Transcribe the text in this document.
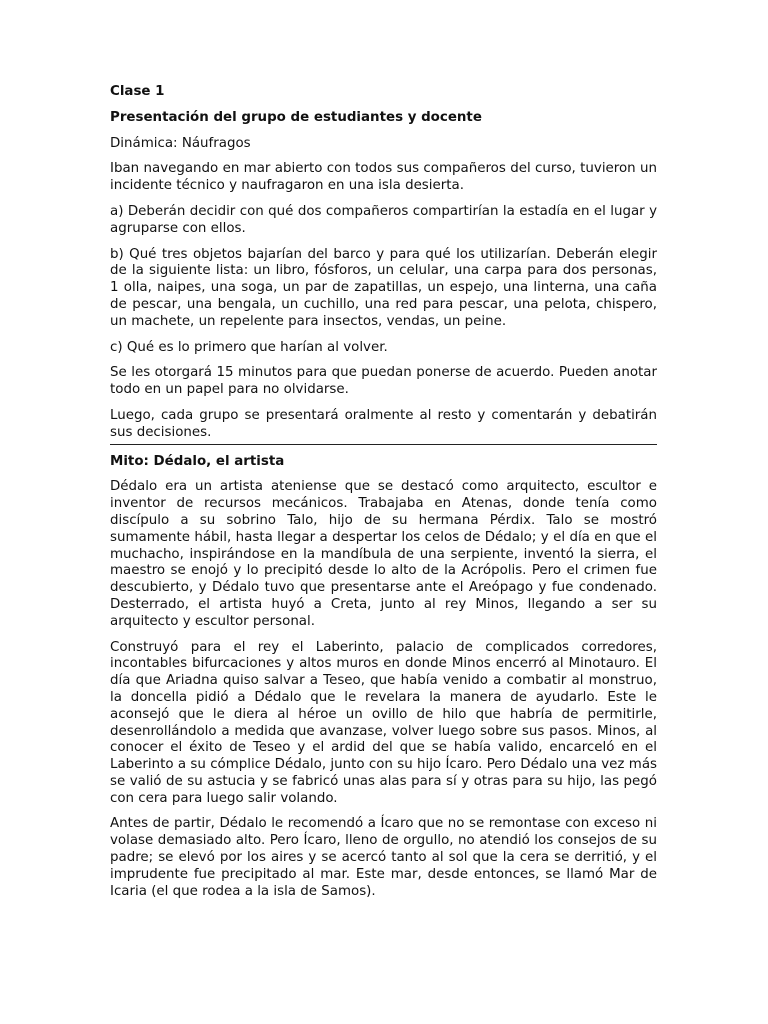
Clase 1

Presentación del grupo de estudiantes y docente

Dinámica: Náufragos

Iban navegando en mar abierto con todos sus compañeros del curso, tuvieron un incidente técnico y naufragaron en una isla desierta.

a) Deberán decidir con qué dos compañeros compartirían la estadía en el lugar y agruparse con ellos.

b) Qué tres objetos bajarían del barco y para qué los utilizarían. Deberán elegir de la siguiente lista: un libro, fósforos, un celular, una carpa para dos personas, 1 olla, naipes, una soga, un par de zapatillas, un espejo, una linterna, una caña de pescar, una bengala, un cuchillo, una red para pescar, una pelota, chispero, un machete, un repelente para insectos, vendas, un peine.

c) Qué es lo primero que harían al volver.

Se les otorgará 15 minutos para que puedan ponerse de acuerdo. Pueden anotar todo en un papel para no olvidarse.

Luego, cada grupo se presentará oralmente al resto y comentarán y debatirán sus decisiones.

Mito: Dédalo, el artista

Dédalo era un artista ateniense que se destacó como arquitecto, escultor e inventor de recursos mecánicos. Trabajaba en Atenas, donde tenía como discípulo a su sobrino Talo, hijo de su hermana Pérdix. Talo se mostró sumamente hábil, hasta llegar a despertar los celos de Dédalo; y el día en que el muchacho, inspirándose en la mandíbula de una serpiente, inventó la sierra, el maestro se enojó y lo precipitó desde lo alto de la Acrópolis. Pero el crimen fue descubierto, y Dédalo tuvo que presentarse ante el Areópago y fue condenado. Desterrado, el artista huyó a Creta, junto al rey Minos, llegando a ser su arquitecto y escultor personal.

Construyó para el rey el Laberinto, palacio de complicados corredores, incontables bifurcaciones y altos muros en donde Minos encerró al Minotauro. El día que Ariadna quiso salvar a Teseo, que había venido a combatir al monstruo, la doncella pidió a Dédalo que le revelara la manera de ayudarlo. Este le aconsejó que le diera al héroe un ovillo de hilo que habría de permitirle, desenrollándolo a medida que avanzase, volver luego sobre sus pasos. Minos, al conocer el éxito de Teseo y el ardid del que se había valido, encarceló en el Laberinto a su cómplice Dédalo, junto con su hijo Ícaro. Pero Dédalo una vez más se valió de su astucia y se fabricó unas alas para sí y otras para su hijo, las pegó con cera para luego salir volando.

Antes de partir, Dédalo le recomendó a Ícaro que no se remontase con exceso ni volase demasiado alto. Pero Ícaro, lleno de orgullo, no atendió los consejos de su padre; se elevó por los aires y se acercó tanto al sol que la cera se derritió, y el imprudente fue precipitado al mar. Este mar, desde entonces, se llamó Mar de Icaria (el que rodea a la isla de Samos).
